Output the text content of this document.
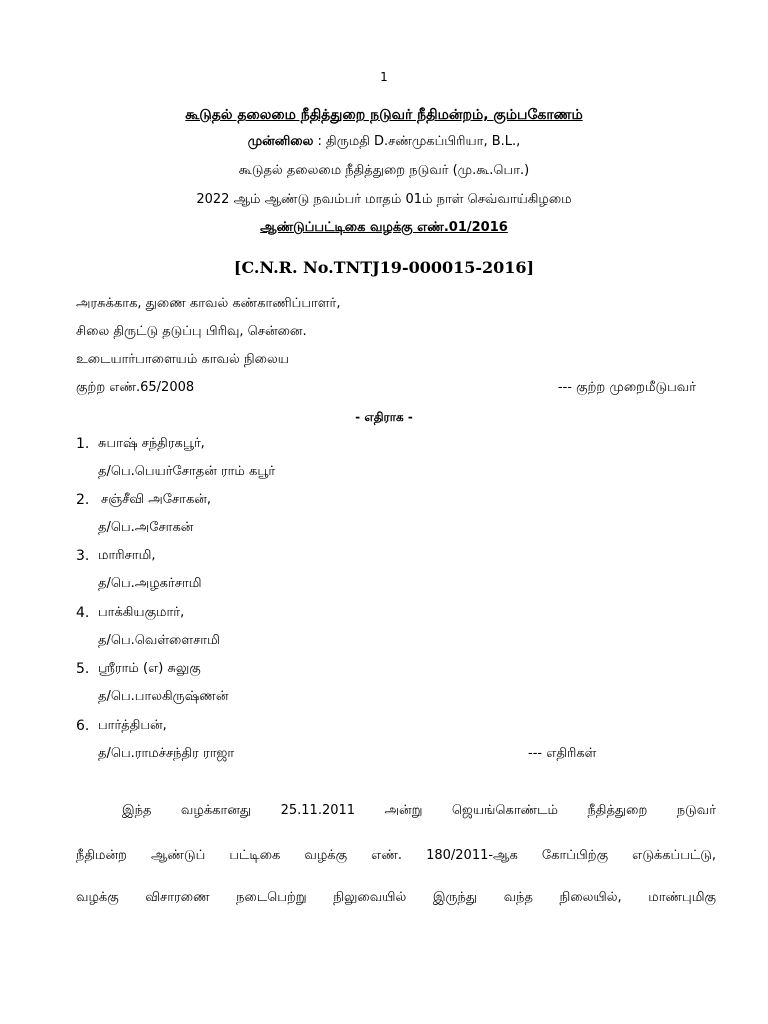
1
கூடுதல் தலைமை நீதித்துறை நடுவர் நீதிமன்றம், கும்பகோணம்
முன்னிலை : திருமதி D.சண்முகப்பிரியா, B.L.,
கூடுதல் தலைமை நீதித்துறை நடுவர் (மு.கூ.பொ.)
2022 ஆம் ஆண்டு நவம்பர் மாதம் 01ம் நாள் செவ்வாய்கிழமை
ஆண்டுப்பட்டிகை வழக்கு எண்.01/2016
[C.N.R. No.TNTJ19-000015-2016]
அரசுக்காக, துணை காவல் கண்காணிப்பாளர்,
சிலை திருட்டு தடுப்பு பிரிவு, சென்னை.
உடையார்பாளையம் காவல் நிலைய
குற்ற எண்.65/2008	--- குற்ற முறைமீடுபவர்
- எதிராக -
1. சுபாஷ் சந்திரகபூர்,
த/பெ.பெயர்சோதன் ராம் கபூர்
2. சஞ்சீவி அசோகன்,
த/பெ.அசோகன்
3. மாரிசாமி,
த/பெ.அழகர்சாமி
4. பாக்கியகுமார்,
த/பெ.வெள்ளைசாமி
5. ஸ்ரீராம் (எ) சுலுகு
த/பெ.பாலகிருஷ்ணன்
6. பார்த்திபன்,
த/பெ.ராமச்சந்திர ராஜா	--- எதிரிகள்
இந்த வழக்கானது 25.11.2011 அன்று ஜெயங்கொண்டம் நீதித்துறை நடுவர்
நீதிமன்ற ஆண்டுப் பட்டிகை வழக்கு எண். 180/2011-ஆக கோப்பிற்கு எடுக்கப்பட்டு,
வழக்கு விசாரணை நடைபெற்று நிலுவையில் இருந்து வந்த நிலையில், மாண்புமிகு
